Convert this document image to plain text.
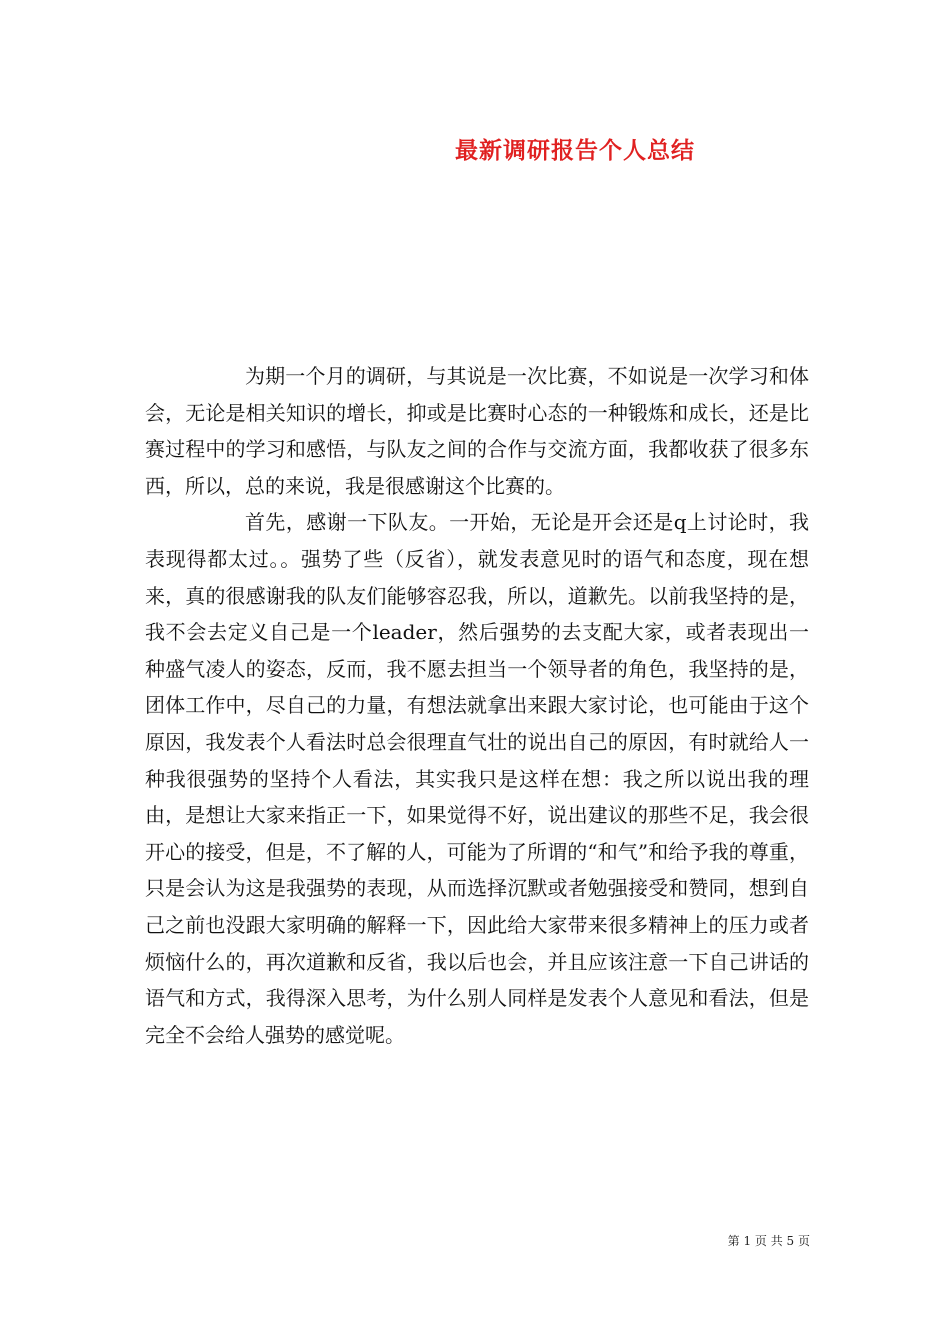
最新调研报告个人总结

为期一个月的调研，与其说是一次比赛，不如说是一次学习和体会，无论是相关知识的增长，抑或是比赛时心态的一种锻炼和成长，还是比赛过程中的学习和感悟，与队友之间的合作与交流方面，我都收获了很多东西，所以，总的来说，我是很感谢这个比赛的。

首先，感谢一下队友。一开始，无论是开会还是q上讨论时，我表现得都太过。。强势了些（反省），就发表意见时的语气和态度，现在想来，真的很感谢我的队友们能够容忍我，所以，道歉先。以前我坚持的是，我不会去定义自己是一个leader，然后强势的去支配大家，或者表现出一种盛气凌人的姿态，反而，我不愿去担当一个领导者的角色，我坚持的是，团体工作中，尽自己的力量，有想法就拿出来跟大家讨论，也可能由于这个原因，我发表个人看法时总会很理直气壮的说出自己的原因，有时就给人一种我很强势的坚持个人看法，其实我只是这样在想：我之所以说出我的理由，是想让大家来指正一下，如果觉得不好，说出建议的那些不足，我会很开心的接受，但是，不了解的人，可能为了所谓的“和气”和给予我的尊重，只是会认为这是我强势的表现，从而选择沉默或者勉强接受和赞同，想到自己之前也没跟大家明确的解释一下，因此给大家带来很多精神上的压力或者烦恼什么的，再次道歉和反省，我以后也会，并且应该注意一下自己讲话的语气和方式，我得深入思考，为什么别人同样是发表个人意见和看法，但是完全不会给人强势的感觉呢。

第 1 页 共 5 页
